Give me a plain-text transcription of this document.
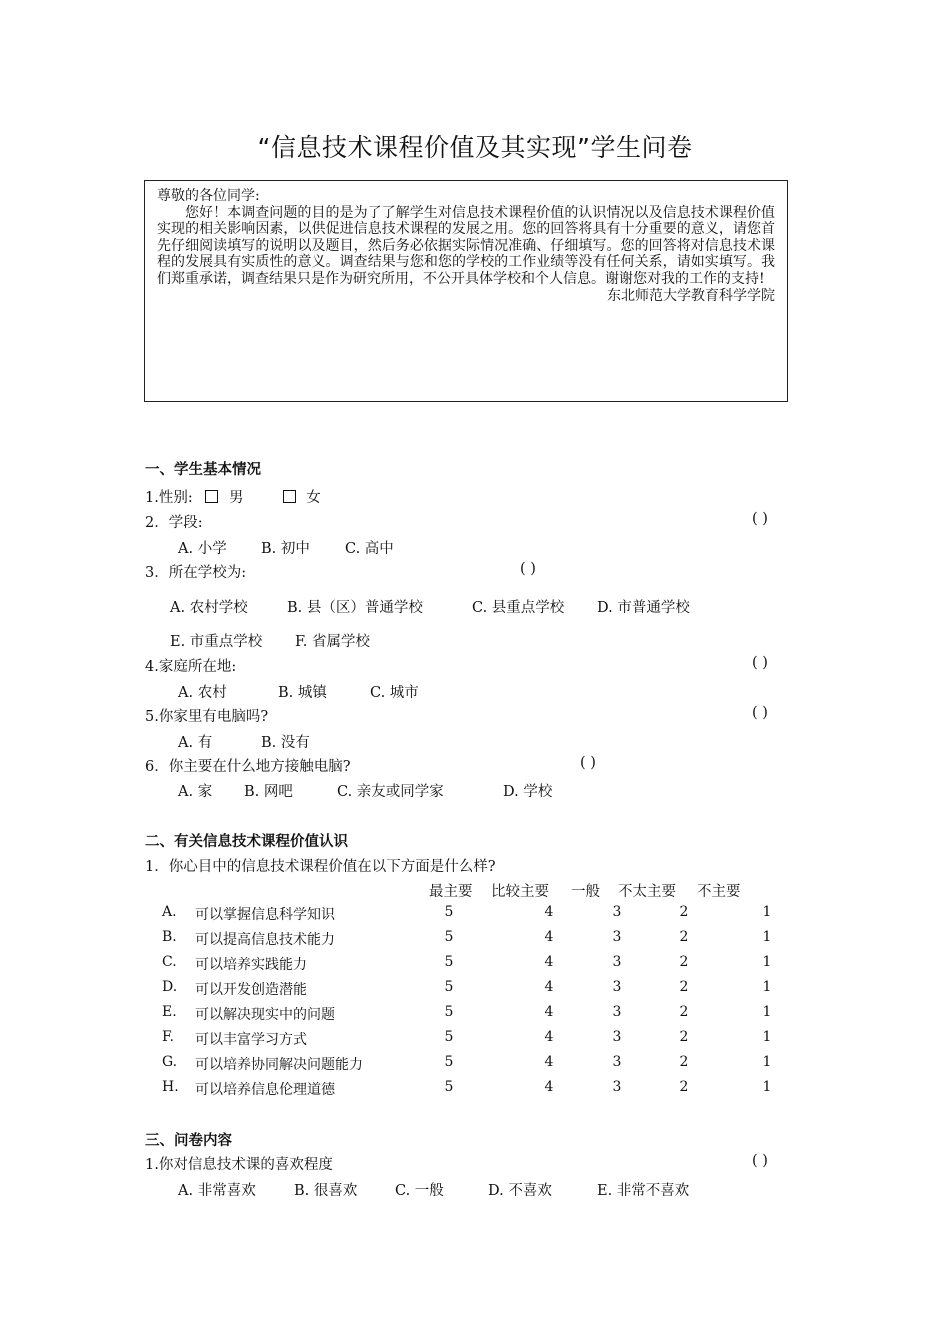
“信息技术课程价值及其实现”学生问卷
尊敬的各位同学:
您好！本调查问题的目的是为了了解学生对信息技术课程价值的认识情况以及信息技术课程价值实现的相关影响因素，以供促进信息技术课程的发展之用。您的回答将具有十分重要的意义，请您首先仔细阅读填写的说明以及题目，然后务必依据实际情况准确、仔细填写。您的回答将对信息技术课程的发展具有实质性的意义。调查结果与您和您的学校的工作业绩等没有任何关系，请如实填写。我们郑重承诺，调查结果只是作为研究所用，不公开具体学校和个人信息。谢谢您对我的工作的支持!
东北师范大学教育科学学院
一、学生基本情况
1.性别: 男	女
2．学段:	( )
A. 小学 B. 初中 C. 高中
3．所在学校为:	( )
A. 农村学校	B. 县（区）普通学校	C. 县重点学校 D. 市普通学校
E. 市重点学校 F. 省属学校
4.家庭所在地:	( )
A. 农村	B. 城镇	C. 城市
5.你家里有电脑吗?	( )
A. 有	B. 没有
6．你主要在什么地方接触电脑?	( )
A. 家 B. 网吧	C. 亲友或同学家	D. 学校
二、有关信息技术课程价值认识
1．你心目中的信息技术课程价值在以下方面是什么样?
最主要 比较主要 一般 不太主要 不主要
A. 可以掌握信息科学知识	5	4	3	2	1
B. 可以提高信息技术能力	5	4	3	2	1
C. 可以培养实践能力	5	4	3	2	1
D. 可以开发创造潜能	5	4	3	2	1
E. 可以解决现实中的问题	5	4	3	2	1
F. 可以丰富学习方式	5	4	3	2	1
G. 可以培养协同解决问题能力	5	4	3	2	1
H. 可以培养信息伦理道德	5	4	3	2	1
三、问卷内容
1.你对信息技术课的喜欢程度	( )
A. 非常喜欢	B. 很喜欢	C. 一般	D. 不喜欢	E. 非常不喜欢
